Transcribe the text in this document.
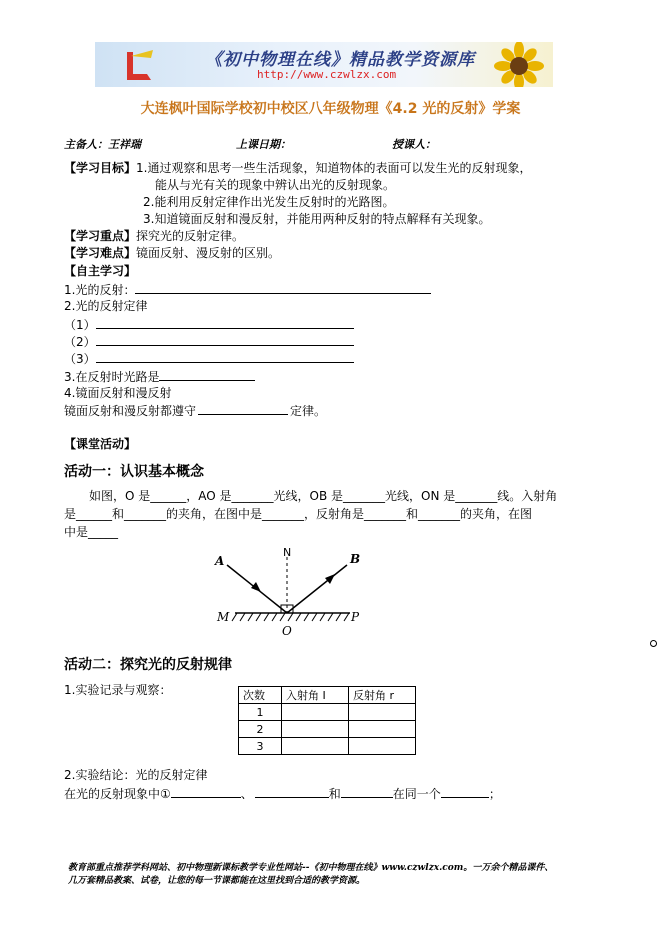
《初中物理在线》精品教学资源库
http://www.czwlzx.com
大连枫叶国际学校初中校区八年级物理《4.2 光的反射》学案
主备人：王祥瑞	上课日期：	授课人：
【学习目标】1.通过观察和思考一些生活现象，知道物体的表面可以发生光的反射现象，
能从与光有关的现象中辨认出光的反射现象。
2.能利用反射定律作出光发生反射时的光路图。
3.知道镜面反射和漫反射，并能用两种反射的特点解释有关现象。
【学习重点】探究光的反射定律。
【学习难点】镜面反射、漫反射的区别。
【自主学习】
1.光的反射：
2.光的反射定律
（1）
（2）
（3）
3.在反射时光路是
4.镜面反射和漫反射
镜面反射和漫反射都遵守	定律。
【课堂活动】
活动一：认识基本概念
如图，O 是______，AO 是_______光线，OB 是_______光线，ON 是_______线。入射角
是______和_______的夹角，在图中是_______，反射角是_______和_______的夹角，在图
中是_____
A
N	B
M
O
P
活动二：探究光的反射规律
1.实验记录与观察：	次数	入射角 I	反射角 r
1		
2		
3		
2.实验结论：光的反射定律
在光的反射现象中①	、	和	在同一个	；
教育部重点推荐学科网站、初中物理新课标教学专业性网站--《初中物理在线》www.czwlzx.com。一万余个精品课件、
几万套精品教案、试卷，让您的每一节课都能在这里找到合适的教学资源。
